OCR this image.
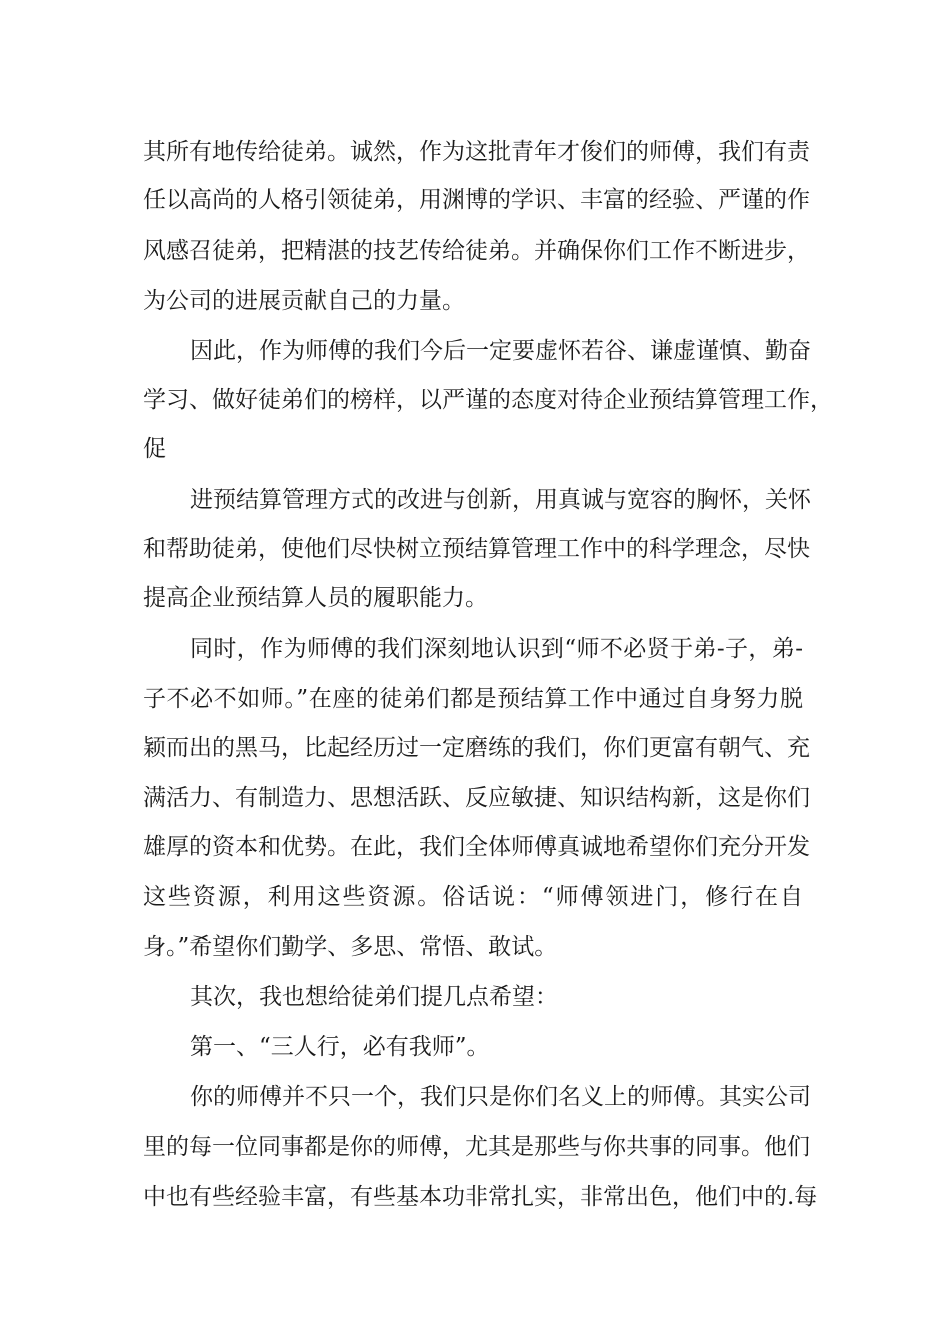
其所有地传给徒弟。诚然，作为这批青年才俊们的师傅，我们有责
任以高尚的人格引领徒弟，用渊博的学识、丰富的经验、严谨的作
风感召徒弟，把精湛的技艺传给徒弟。并确保你们工作不断进步，
为公司的进展贡献自己的力量。
因此，作为师傅的我们今后一定要虚怀若谷、谦虚谨慎、勤奋
学习、做好徒弟们的榜样，以严谨的态度对待企业预结算管理工作，
促
进预结算管理方式的改进与创新，用真诚与宽容的胸怀，关怀
和帮助徒弟，使他们尽快树立预结算管理工作中的科学理念，尽快
提高企业预结算人员的履职能力。
同时，作为师傅的我们深刻地认识到“师不必贤于弟-子，弟-
子不必不如师。”在座的徒弟们都是预结算工作中通过自身努力脱
颖而出的黑马，比起经历过一定磨练的我们，你们更富有朝气、充
满活力、有制造力、思想活跃、反应敏捷、知识结构新，这是你们
雄厚的资本和优势。在此，我们全体师傅真诚地希望你们充分开发
这些资源，利用这些资源。俗话说：“师傅领进门，修行在自
身。”希望你们勤学、多思、常悟、敢试。
其次，我也想给徒弟们提几点希望：
第一、“三人行，必有我师”。
你的师傅并不只一个，我们只是你们名义上的师傅。其实公司
里的每一位同事都是你的师傅，尤其是那些与你共事的同事。他们
中也有些经验丰富，有些基本功非常扎实，非常出色，他们中的.每
